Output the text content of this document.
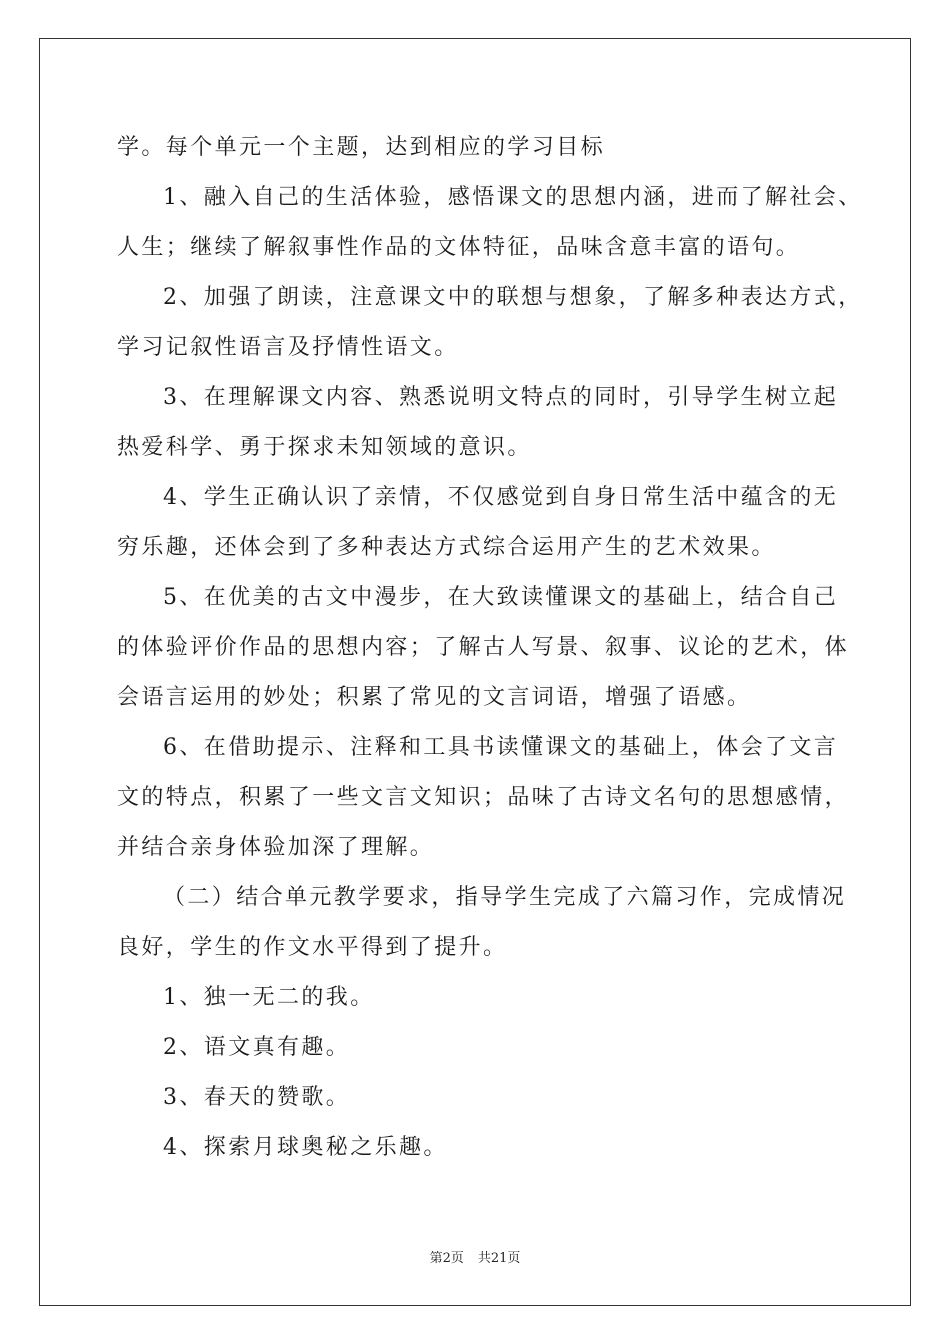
学。每个单元一个主题，达到相应的学习目标
1、融入自己的生活体验，感悟课文的思想内涵，进而了解社会、
人生；继续了解叙事性作品的文体特征，品味含意丰富的语句。
2、加强了朗读，注意课文中的联想与想象，了解多种表达方式，
学习记叙性语言及抒情性语文。
3、在理解课文内容、熟悉说明文特点的同时，引导学生树立起
热爱科学、勇于探求未知领域的意识。
4、学生正确认识了亲情，不仅感觉到自身日常生活中蕴含的无
穷乐趣，还体会到了多种表达方式综合运用产生的艺术效果。
5、在优美的古文中漫步，在大致读懂课文的基础上，结合自己
的体验评价作品的思想内容；了解古人写景、叙事、议论的艺术，体
会语言运用的妙处；积累了常见的文言词语，增强了语感。
6、在借助提示、注释和工具书读懂课文的基础上，体会了文言
文的特点，积累了一些文言文知识；品味了古诗文名句的思想感情，
并结合亲身体验加深了理解。
（二）结合单元教学要求，指导学生完成了六篇习作，完成情况
良好，学生的作文水平得到了提升。
1、独一无二的我。
2、语文真有趣。
3、春天的赞歌。
4、探索月球奥秘之乐趣。
第2页 共21页
